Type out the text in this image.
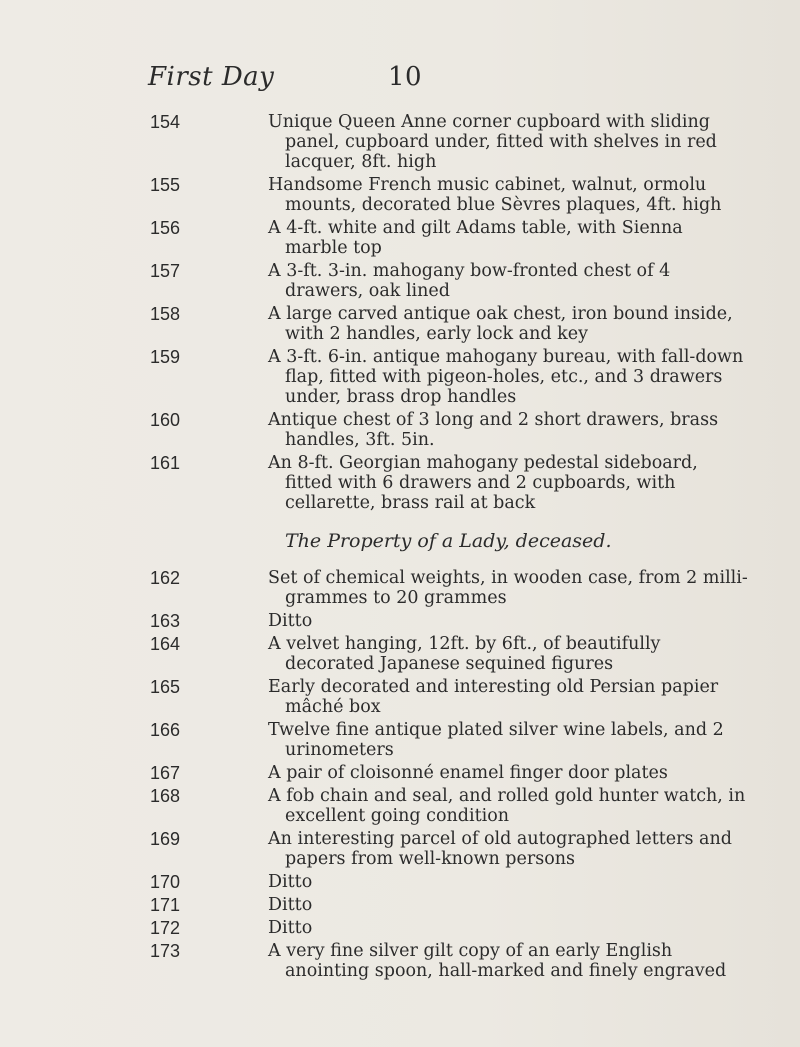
First Day	10
154	Unique Queen Anne corner cupboard with sliding panel, cupboard under, fitted with shelves in red lacquer, 8ft. high
155	Handsome French music cabinet, walnut, ormolu mounts, decorated blue Sèvres plaques, 4ft. high
156	A 4-ft. white and gilt Adams table, with Sienna marble top
157	A 3-ft. 3-in. mahogany bow-fronted chest of 4 drawers, oak lined
158	A large carved antique oak chest, iron bound inside, with 2 handles, early lock and key
159	A 3-ft. 6-in. antique mahogany bureau, with fall-down flap, fitted with pigeon-holes, etc., and 3 drawers under, brass drop handles
160	Antique chest of 3 long and 2 short drawers, brass handles, 3ft. 5in.
161	An 8-ft. Georgian mahogany pedestal sideboard, fitted with 6 drawers and 2 cupboards, with cellarette, brass rail at back
The Property of a Lady, deceased.
162	Set of chemical weights, in wooden case, from 2 milli-grammes to 20 grammes
163	Ditto
164	A velvet hanging, 12ft. by 6ft., of beautifully decorated Japanese sequined figures
165	Early decorated and interesting old Persian papier mâché box
166	Twelve fine antique plated silver wine labels, and 2 urinometers
167	A pair of cloisonné enamel finger door plates
168	A fob chain and seal, and rolled gold hunter watch, in excellent going condition
169	An interesting parcel of old autographed letters and papers from well-known persons
170	Ditto
171	Ditto
172	Ditto
173	A very fine silver gilt copy of an early English anointing spoon, hall-marked and finely engraved
